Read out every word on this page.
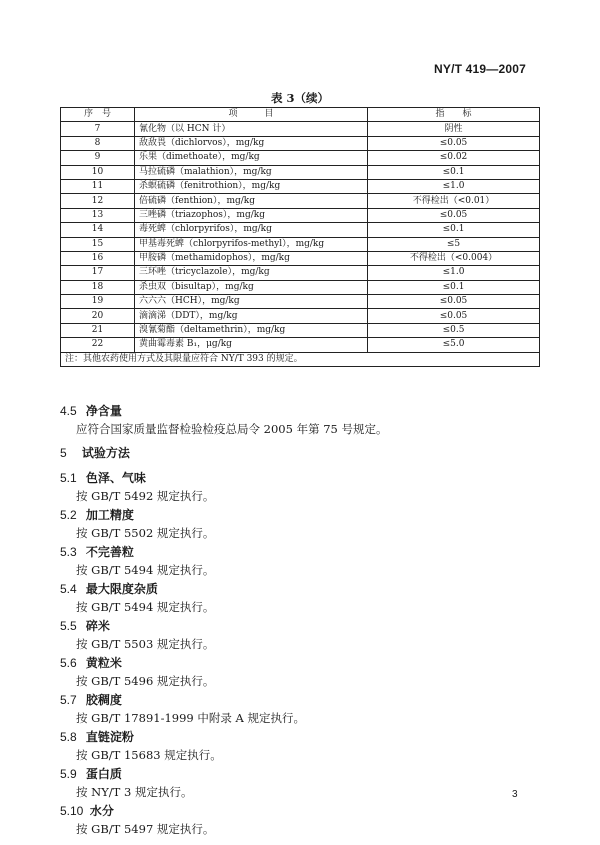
NY/T 419—2007
表 3（续）
序　号	项　　　目	指　　标
7	氰化物（以 HCN 计）	阴性
8	敌敌畏（dichlorvos），mg/kg	≤0.05
9	乐果（dimethoate），mg/kg	≤0.02
10	马拉硫磷（malathion），mg/kg	≤0.1
11	杀螟硫磷（fenitrothion），mg/kg	≤1.0
12	倍硫磷（fenthion），mg/kg	不得检出（<0.01）
13	三唑磷（triazophos），mg/kg	≤0.05
14	毒死蜱（chlorpyrifos），mg/kg	≤0.1
15	甲基毒死蜱（chlorpyrifos-methyl），mg/kg	≤5
16	甲胺磷（methamidophos），mg/kg	不得检出（<0.004）
17	三环唑（tricyclazole），mg/kg	≤1.0
18	杀虫双（bisultap），mg/kg	≤0.1
19	六六六（HCH），mg/kg	≤0.05
20	滴滴涕（DDT），mg/kg	≤0.05
21	溴氰菊酯（deltamethrin），mg/kg	≤0.5
22	黄曲霉毒素 B₁，μg/kg	≤5.0
注：其他农药使用方式及其限量应符合 NY/T 393 的规定。		
4.5 净含量
应符合国家质量监督检验检疫总局令 2005 年第 75 号规定。
5 试验方法
5.1 色泽、气味
按 GB/T 5492 规定执行。
5.2 加工精度
按 GB/T 5502 规定执行。
5.3 不完善粒
按 GB/T 5494 规定执行。
5.4 最大限度杂质
按 GB/T 5494 规定执行。
5.5 碎米
按 GB/T 5503 规定执行。
5.6 黄粒米
按 GB/T 5496 规定执行。
5.7 胶稠度
按 GB/T 17891-1999 中附录 A 规定执行。
5.8 直链淀粉
按 GB/T 15683 规定执行。
5.9 蛋白质
按 NY/T 3 规定执行。
5.10 水分
按 GB/T 5497 规定执行。
3
